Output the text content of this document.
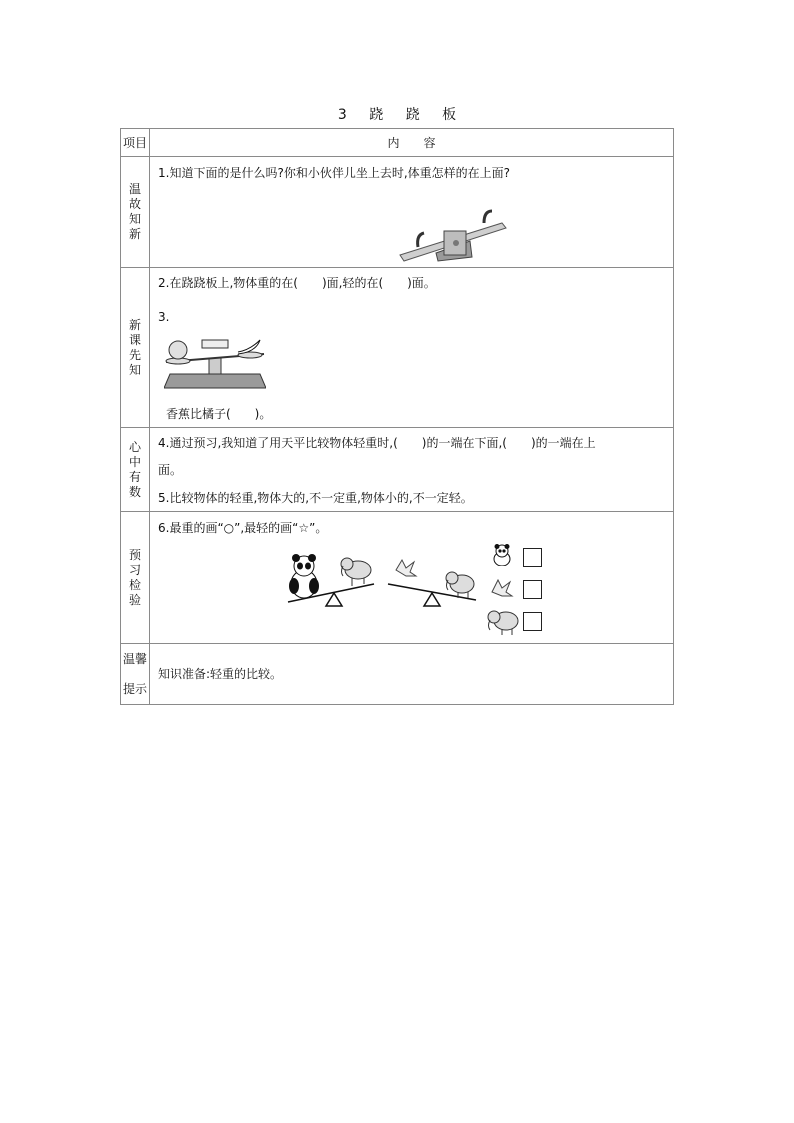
3 跷 跷 板
项目	内　　容
温故知新	1.知道下面的是什么吗?你和小伙伴儿坐上去时,体重怎样的在上面?

新课先知	2.在跷跷板上,物体重的在(　　)面,轻的在(　　)面。
3.
香蕉比橘子(　　)。

心中有数	4.通过预习,我知道了用天平比较物体轻重时,(　　)的一端在下面,(　　)的一端在上
面。
5.比较物体的轻重,物体大的,不一定重,物体小的,不一定轻。

预习检验	6.最重的画“○”,最轻的画“☆”。

温馨提示	知识准备:轻重的比较。
